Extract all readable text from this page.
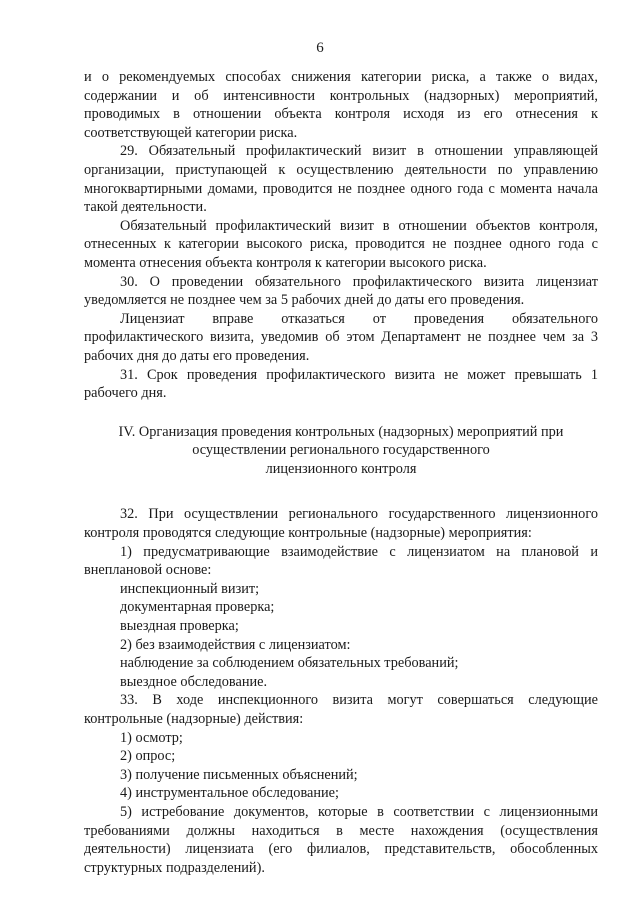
6

и о рекомендуемых способах снижения категории риска, а также о видах, содержании и об интенсивности контрольных (надзорных) мероприятий, проводимых в отношении объекта контроля исходя из его отнесения к соответствующей категории риска.

29. Обязательный профилактический визит в отношении управляющей организации, приступающей к осуществлению деятельности по управлению многоквартирными домами, проводится не позднее одного года с момента начала такой деятельности.

Обязательный профилактический визит в отношении объектов контроля, отнесенных к категории высокого риска, проводится не позднее одного года с момента отнесения объекта контроля к категории высокого риска.

30. О проведении обязательного профилактического визита лицензиат уведомляется не позднее чем за 5 рабочих дней до даты его проведения.

Лицензиат вправе отказаться от проведения обязательного профилактического визита, уведомив об этом Департамент не позднее чем за 3 рабочих дня до даты его проведения.

31. Срок проведения профилактического визита не может превышать 1 рабочего дня.

IV. Организация проведения контрольных (надзорных) мероприятий при
осуществлении регионального государственного
лицензионного контроля

32. При осуществлении регионального государственного лицензионного контроля проводятся следующие контрольные (надзорные) мероприятия:

1) предусматривающие взаимодействие с лицензиатом на плановой и внеплановой основе:

инспекционный визит;

документарная проверка;

выездная проверка;

2) без взаимодействия с лицензиатом:

наблюдение за соблюдением обязательных требований;

выездное обследование.

33. В ходе инспекционного визита могут совершаться следующие контрольные (надзорные) действия:

1) осмотр;

2) опрос;

3) получение письменных объяснений;

4) инструментальное обследование;

5) истребование документов, которые в соответствии с лицензионными требованиями должны находиться в месте нахождения (осуществления деятельности) лицензиата (его филиалов, представительств, обособленных структурных подразделений).
